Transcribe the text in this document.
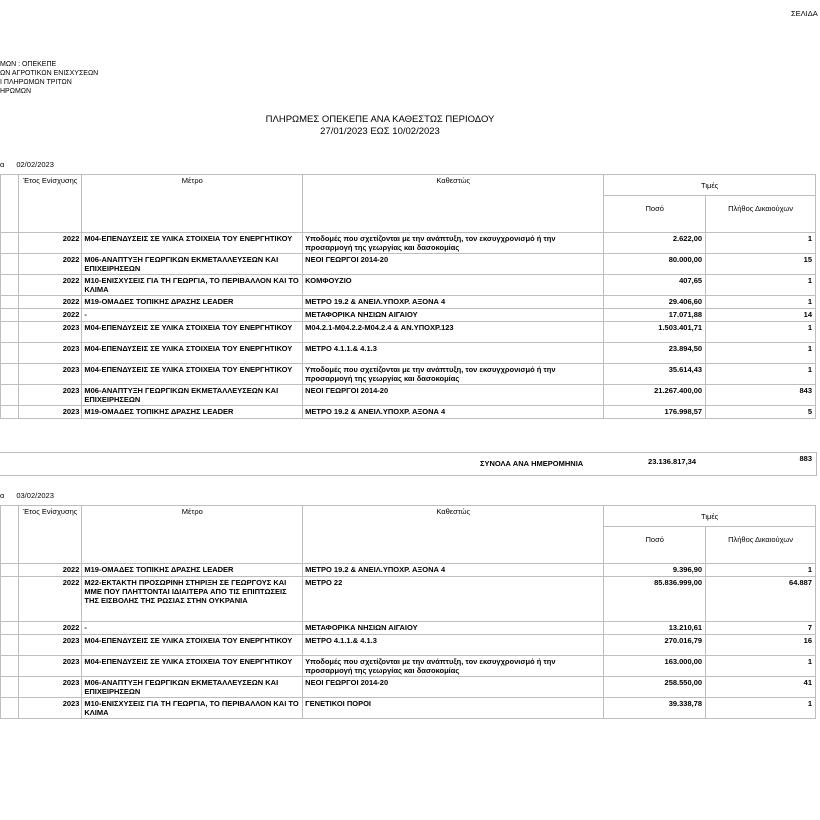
ΣΕΛΙΔΑ
ΜΩΝ : ΟΠΕΚΕΠΕ
ΩΝ ΑΓΡΟΤΙΚΩΝ ΕΝΙΣΧΥΣΕΩΝ
Ι ΠΛΗΡΩΜΩΝ ΤΡΙΤΩΝ
ΗΡΩΜΩΝ
ΠΛΗΡΩΜΕΣ ΟΠΕΚΕΠΕ ΑΝΑ ΚΑΘΕΣΤΩΣ ΠΕΡΙΟΔΟΥ
27/01/2023 ΕΩΣ 10/02/2023
α 02/02/2023
	Έτος Ενίσχυσης	Μέτρο	Καθεστώς	Τιμές	
				Ποσό	Πλήθος Δικαιούχων
	2022	Μ04-ΕΠΕΝΔΥΣΕΙΣ ΣΕ ΥΛΙΚΑ ΣΤΟΙΧΕΙΑ ΤΟΥ ΕΝΕΡΓΗΤΙΚΟΥ	Υποδομές που σχετίζονται με την ανάπτυξη, τον εκσυγχρονισμό ή την προσαρμογή της γεωργίας και δασοκομίας	2.622,00	1
	2022	Μ06-ΑΝΑΠΤΥΞΗ ΓΕΩΡΓΙΚΩΝ ΕΚΜΕΤΑΛΛΕΥΣΕΩΝ ΚΑΙ ΕΠΙΧΕΙΡΗΣΕΩΝ	ΝΕΟΙ ΓΕΩΡΓΟΙ 2014-20	80.000,00	15
	2022	Μ10-ΕΝΙΣΧΥΣΕΙΣ ΓΙΑ ΤΗ ΓΕΩΡΓΙΑ, ΤΟ ΠΕΡΙΒΑΛΛΟΝ ΚΑΙ ΤΟ ΚΛΙΜΑ	ΚΟΜΦΟΥΖΙΟ	407,65	1
	2022	Μ19-ΟΜΑΔΕΣ ΤΟΠΙΚΗΣ ΔΡΑΣΗΣ LEADER	ΜΕΤΡΟ 19.2 & ΑΝΕΙΛ.ΥΠΟΧΡ. ΑΞΟΝΑ 4	29.406,60	1
	2022	-	ΜΕΤΑΦΟΡΙΚΑ ΝΗΣΙΩΝ ΑΙΓΑΙΟΥ	17.071,88	14
	2023	Μ04-ΕΠΕΝΔΥΣΕΙΣ ΣΕ ΥΛΙΚΑ ΣΤΟΙΧΕΙΑ ΤΟΥ ΕΝΕΡΓΗΤΙΚΟΥ	Μ04.2.1-Μ04.2.2-Μ04.2.4 & ΑΝ.ΥΠΟΧΡ.123	1.503.401,71	1
	2023	Μ04-ΕΠΕΝΔΥΣΕΙΣ ΣΕ ΥΛΙΚΑ ΣΤΟΙΧΕΙΑ ΤΟΥ ΕΝΕΡΓΗΤΙΚΟΥ	ΜΕΤΡΟ 4.1.1.& 4.1.3	23.894,50	1
	2023	Μ04-ΕΠΕΝΔΥΣΕΙΣ ΣΕ ΥΛΙΚΑ ΣΤΟΙΧΕΙΑ ΤΟΥ ΕΝΕΡΓΗΤΙΚΟΥ	Υποδομές που σχετίζονται με την ανάπτυξη, τον εκσυγχρονισμό ή την προσαρμογή της γεωργίας και δασοκομίας	35.614,43	1
	2023	Μ06-ΑΝΑΠΤΥΞΗ ΓΕΩΡΓΙΚΩΝ ΕΚΜΕΤΑΛΛΕΥΣΕΩΝ ΚΑΙ ΕΠΙΧΕΙΡΗΣΕΩΝ	ΝΕΟΙ ΓΕΩΡΓΟΙ 2014-20	21.267.400,00	843
	2023	Μ19-ΟΜΑΔΕΣ ΤΟΠΙΚΗΣ ΔΡΑΣΗΣ LEADER	ΜΕΤΡΟ 19.2 & ΑΝΕΙΛ.ΥΠΟΧΡ. ΑΞΟΝΑ 4	176.998,57	5
ΣΥΝΟΛΑ ΑΝΑ ΗΜΕΡΟΜΗΝΙΑ	23.136.817,34	883
α 03/02/2023
	Έτος Ενίσχυσης	Μέτρο	Καθεστώς	Τιμές	
				Ποσό	Πλήθος Δικαιούχων
	2022	Μ19-ΟΜΑΔΕΣ ΤΟΠΙΚΗΣ ΔΡΑΣΗΣ LEADER	ΜΕΤΡΟ 19.2 & ΑΝΕΙΛ.ΥΠΟΧΡ. ΑΞΟΝΑ 4	9.396,90	1
	2022	Μ22-ΕΚΤΑΚΤΗ ΠΡΟΣΩΡΙΝΗ ΣΤΗΡΙΞΗ ΣΕ ΓΕΩΡΓΟΥΣ ΚΑΙ ΜΜΕ ΠΟΥ ΠΛΗΤΤΟΝΤΑΙ ΙΔΙΑΙΤΕΡΑ ΑΠΟ ΤΙΣ ΕΠΙΠΤΩΣΕΙΣ ΤΗΣ ΕΙΣΒΟΛΗΣ ΤΗΣ ΡΩΣΙΑΣ ΣΤΗΝ ΟΥΚΡΑΝΙΑ	ΜΕΤΡΟ 22	85.836.999,00	64.887
	2022	-	ΜΕΤΑΦΟΡΙΚΑ ΝΗΣΙΩΝ ΑΙΓΑΙΟΥ	13.210,61	7
	2023	Μ04-ΕΠΕΝΔΥΣΕΙΣ ΣΕ ΥΛΙΚΑ ΣΤΟΙΧΕΙΑ ΤΟΥ ΕΝΕΡΓΗΤΙΚΟΥ	ΜΕΤΡΟ 4.1.1.& 4.1.3	270.016,79	16
	2023	Μ04-ΕΠΕΝΔΥΣΕΙΣ ΣΕ ΥΛΙΚΑ ΣΤΟΙΧΕΙΑ ΤΟΥ ΕΝΕΡΓΗΤΙΚΟΥ	Υποδομές που σχετίζονται με την ανάπτυξη, τον εκσυγχρονισμό ή την προσαρμογή της γεωργίας και δασοκομίας	163.000,00	1
	2023	Μ06-ΑΝΑΠΤΥΞΗ ΓΕΩΡΓΙΚΩΝ ΕΚΜΕΤΑΛΛΕΥΣΕΩΝ ΚΑΙ ΕΠΙΧΕΙΡΗΣΕΩΝ	ΝΕΟΙ ΓΕΩΡΓΟΙ 2014-20	258.550,00	41
	2023	Μ10-ΕΝΙΣΧΥΣΕΙΣ ΓΙΑ ΤΗ ΓΕΩΡΓΙΑ, ΤΟ ΠΕΡΙΒΑΛΛΟΝ ΚΑΙ ΤΟ ΚΛΙΜΑ	ΓΕΝΕΤΙΚΟΙ ΠΟΡΟΙ	39.338,78	1
